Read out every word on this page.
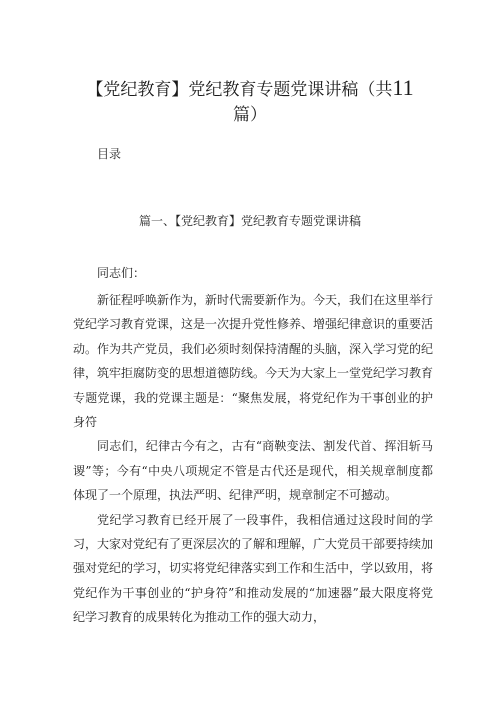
【党纪教育】党纪教育专题党课讲稿（共11
篇）
目录
篇一、【党纪教育】党纪教育专题党课讲稿
同志们：

新征程呼唤新作为，新时代需要新作为。今天，我们在这里举行党纪学习教育党课，这是一次提升党性修养、增强纪律意识的重要活动。作为共产党员，我们必须时刻保持清醒的头脑，深入学习党的纪律，筑牢拒腐防变的思想道德防线。今天为大家上一堂党纪学习教育专题党课，我的党课主题是：“聚焦发展，将党纪作为干事创业的护身符

同志们，纪律古今有之，古有“商鞅变法、割发代首、挥泪斩马谡”等；今有“中央八项规定不管是古代还是现代，相关规章制度都体现了一个原理，执法严明、纪律严明，规章制定不可撼动。

党纪学习教育已经开展了一段事件，我相信通过这段时间的学习，大家对党纪有了更深层次的了解和理解，广大党员干部要持续加强对党纪的学习，切实将党纪律落实到工作和生活中，学以致用，将党纪作为干事创业的“护身符”和推动发展的“加速器”最大限度将党纪学习教育的成果转化为推动工作的强大动力，
